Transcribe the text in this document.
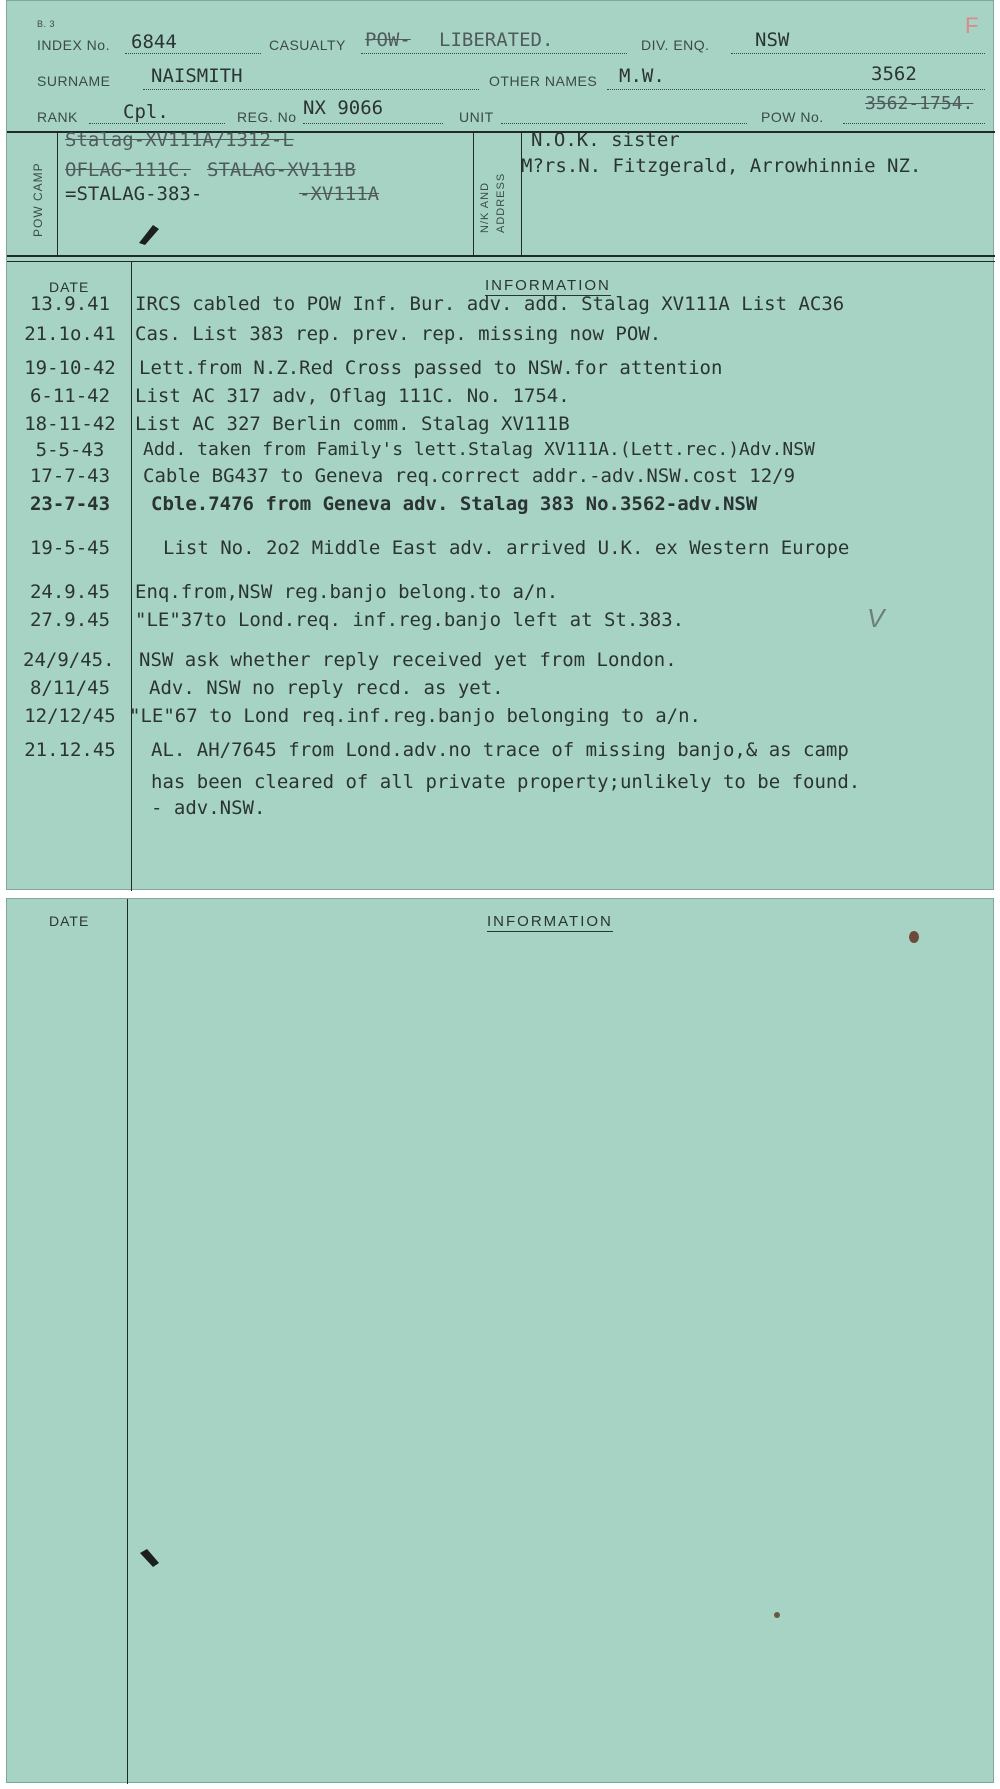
B. 3	F
INDEX No. 6844	CASUALTY POW- LIBERATED.	DIV. ENQ. NSW
SURNAME NAISMITH	OTHER NAMES M.W.	3562
RANK Cpl.	REG. No NX 9066	UNIT	POW No.
3562-1754.
POW CAMP
Stalag-XV111A/1312-L
OFLAG-111C. STALAG-XV111B
=STALAG-383-	-XV111A	N/K AND ADDRESS
N.O.K. sister
M?rs.N. Fitzgerald, Arrowhinnie NZ.
DATE	INFORMATION
13.9.41	IRCS cabled to POW Inf. Bur. adv. add. Stalag XV111A List AC36
21.1o.41	Cas. List 383 rep. prev. rep. missing now POW.
19-10-42	Lett.from N.Z.Red Cross passed to NSW.for attention
6-11-42	List AC 317 adv, Oflag 111C. No. 1754.
18-11-42	List AC 327 Berlin comm. Stalag XV111B
5-5-43	Add. taken from Family's lett.Stalag XV111A.(Lett.rec.)Adv.NSW
17-7-43	Cable BG437 to Geneva req.correct addr.-adv.NSW.cost 12/9
23-7-43	Cble.7476 from Geneva adv. Stalag 383 No.3562-adv.NSW
19-5-45	List No. 2o2 Middle East adv. arrived U.K. ex Western Europe
24.9.45	Enq.from,NSW reg.banjo belong.to a/n.
27.9.45	"LE"37to Lond.req. inf.reg.banjo left at St.383.
24/9/45.	NSW ask whether reply received yet from London.
8/11/45	Adv. NSW no reply recd. as yet.
12/12/45 "LE"67 to Lond req.inf.reg.banjo belonging to a/n.
21.12.45	AL. AH/7645 from Lond.adv.no trace of missing banjo,& as camp
has been cleared of all private property;unlikely to be found.
- adv.NSW.
V
DATE	INFORMATION
